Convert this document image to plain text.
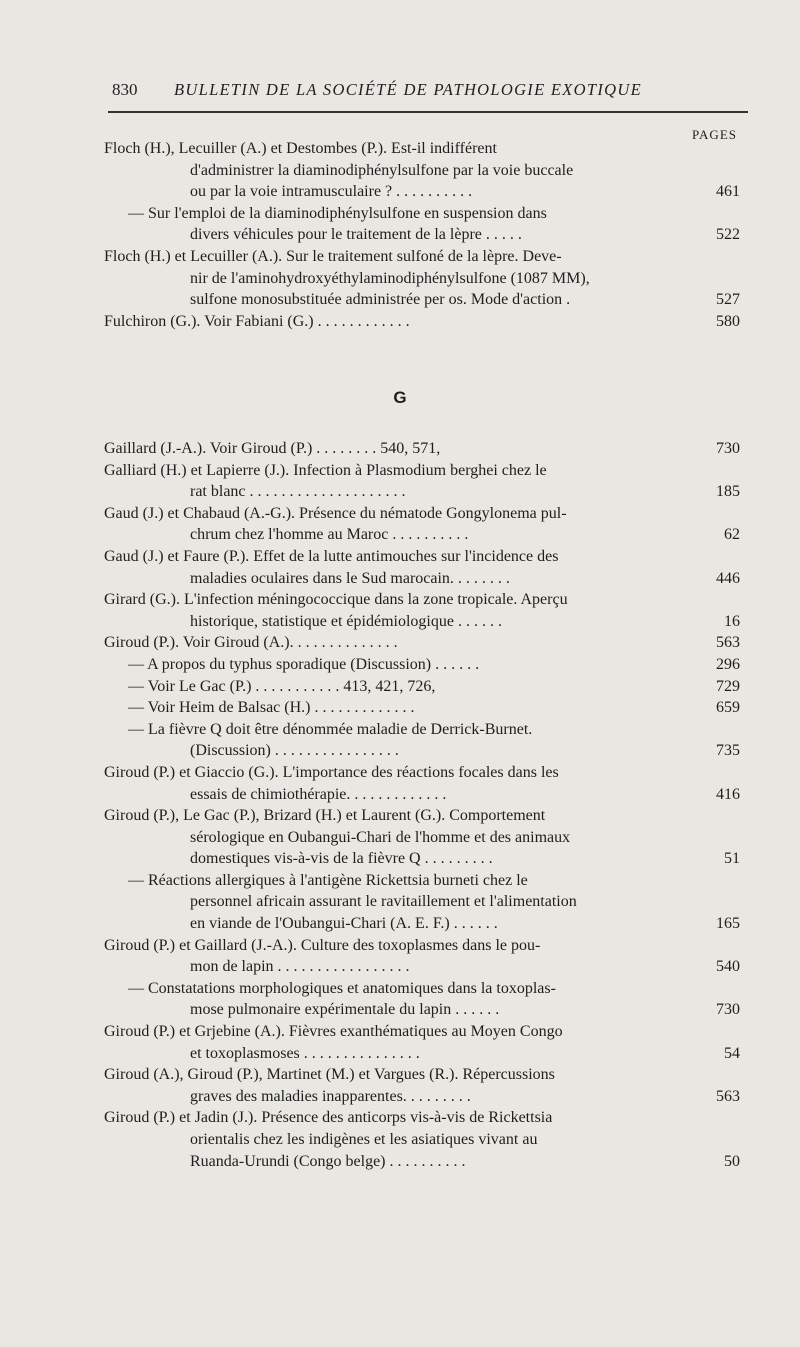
830 BULLETIN DE LA SOCIÉTÉ DE PATHOLOGIE EXOTIQUE
PAGES
Floch (H.), Lecuiller (A.) et Destombes (P.). Est-il indifférent
d'administrer la diaminodiphénylsulfone par la voie buccale
ou par la voie intramusculaire ? . . . . . . . . . .	461
— Sur l'emploi de la diaminodiphénylsulfone en suspension dans
divers véhicules pour le traitement de la lèpre . . . . .	522
Floch (H.) et Lecuiller (A.). Sur le traitement sulfoné de la lèpre. Deve-
nir de l'aminohydroxyéthylaminodiphénylsulfone (1087 MM),
sulfone monosubstituée administrée per os. Mode d'action .	527
Fulchiron (G.). Voir Fabiani (G.) . . . . . . . . . . . .	580
G
Gaillard (J.-A.). Voir Giroud (P.) . . . . . . . . 540, 571,	730
Galliard (H.) et Lapierre (J.). Infection à Plasmodium berghei chez le
rat blanc . . . . . . . . . . . . . . . . . . . .	185
Gaud (J.) et Chabaud (A.-G.). Présence du nématode Gongylonema pul-
chrum chez l'homme au Maroc . . . . . . . . . .	62
Gaud (J.) et Faure (P.). Effet de la lutte antimouches sur l'incidence des
maladies oculaires dans le Sud marocain. . . . . . . .	446
Girard (G.). L'infection méningococcique dans la zone tropicale. Aperçu
historique, statistique et épidémiologique . . . . . .	16
Giroud (P.). Voir Giroud (A.). . . . . . . . . . . . . .	563
— A propos du typhus sporadique (Discussion) . . . . . .	296
— Voir Le Gac (P.) . . . . . . . . . . . 413, 421, 726,	729
— Voir Heim de Balsac (H.) . . . . . . . . . . . . .	659
— La fièvre Q doit être dénommée maladie de Derrick-Burnet.
(Discussion) . . . . . . . . . . . . . . . .	735
Giroud (P.) et Giaccio (G.). L'importance des réactions focales dans les
essais de chimiothérapie. . . . . . . . . . . . .	416
Giroud (P.), Le Gac (P.), Brizard (H.) et Laurent (G.). Comportement
sérologique en Oubangui-Chari de l'homme et des animaux
domestiques vis-à-vis de la fièvre Q . . . . . . . . .	51
— Réactions allergiques à l'antigène Rickettsia burneti chez le
personnel africain assurant le ravitaillement et l'alimentation
en viande de l'Oubangui-Chari (A. E. F.) . . . . . .	165
Giroud (P.) et Gaillard (J.-A.). Culture des toxoplasmes dans le pou-
mon de lapin . . . . . . . . . . . . . . . . .	540
— Constatations morphologiques et anatomiques dans la toxoplas-
mose pulmonaire expérimentale du lapin . . . . . .	730
Giroud (P.) et Grjebine (A.). Fièvres exanthématiques au Moyen Congo
et toxoplasmoses . . . . . . . . . . . . . . .	54
Giroud (A.), Giroud (P.), Martinet (M.) et Vargues (R.). Répercussions
graves des maladies inapparentes. . . . . . . . .	563
Giroud (P.) et Jadin (J.). Présence des anticorps vis-à-vis de Rickettsia
orientalis chez les indigènes et les asiatiques vivant au
Ruanda-Urundi (Congo belge) . . . . . . . . . .	50
